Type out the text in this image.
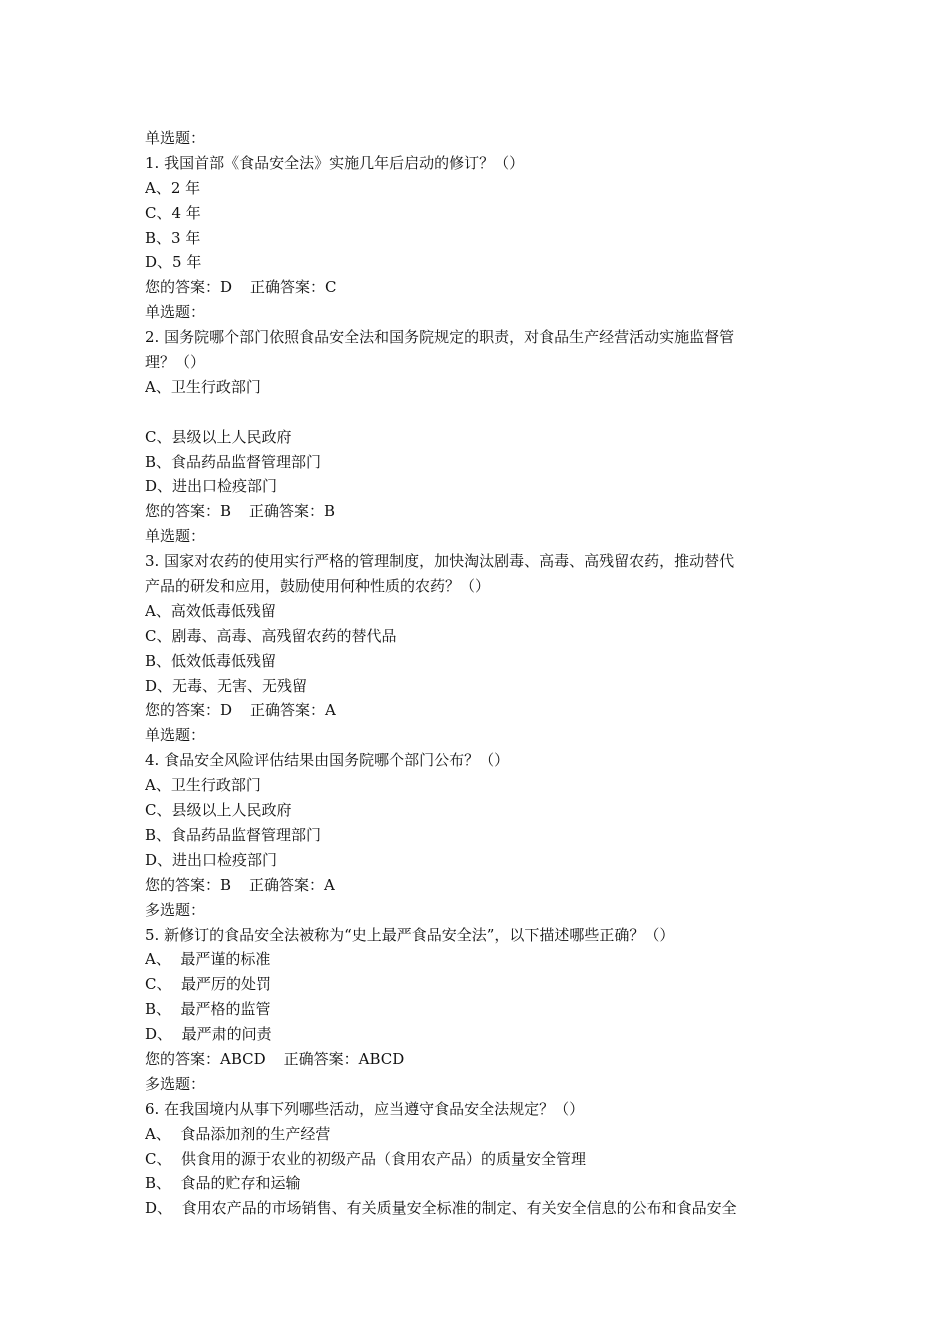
单选题：
1. 我国首部《食品安全法》实施几年后启动的修订？（）
A、2 年
C、4 年
B、3 年
D、5 年
您的答案：D 正确答案：C
单选题：
2. 国务院哪个部门依照食品安全法和国务院规定的职责，对食品生产经营活动实施监督管
理？（）
A、卫生行政部门
C、县级以上人民政府
B、食品药品监督管理部门
D、进出口检疫部门
您的答案：B 正确答案：B
单选题：
3. 国家对农药的使用实行严格的管理制度，加快淘汰剧毒、高毒、高残留农药，推动替代
产品的研发和应用，鼓励使用何种性质的农药？（）
A、高效低毒低残留
C、剧毒、高毒、高残留农药的替代品
B、低效低毒低残留
D、无毒、无害、无残留
您的答案：D 正确答案：A
单选题：
4. 食品安全风险评估结果由国务院哪个部门公布？（）
A、卫生行政部门
C、县级以上人民政府
B、食品药品监督管理部门
D、进出口检疫部门
您的答案：B 正确答案：A
多选题：
5. 新修订的食品安全法被称为“史上最严食品安全法”，以下描述哪些正确？（）
A、  最严谨的标准
C、  最严厉的处罚
B、  最严格的监管
D、  最严肃的问责
您的答案：ABCD 正确答案：ABCD
多选题：
6. 在我国境内从事下列哪些活动，应当遵守食品安全法规定？（）
A、  食品添加剂的生产经营
C、  供食用的源于农业的初级产品（食用农产品）的质量安全管理
B、  食品的贮存和运输
D、  食用农产品的市场销售、有关质量安全标准的制定、有关安全信息的公布和食品安全
